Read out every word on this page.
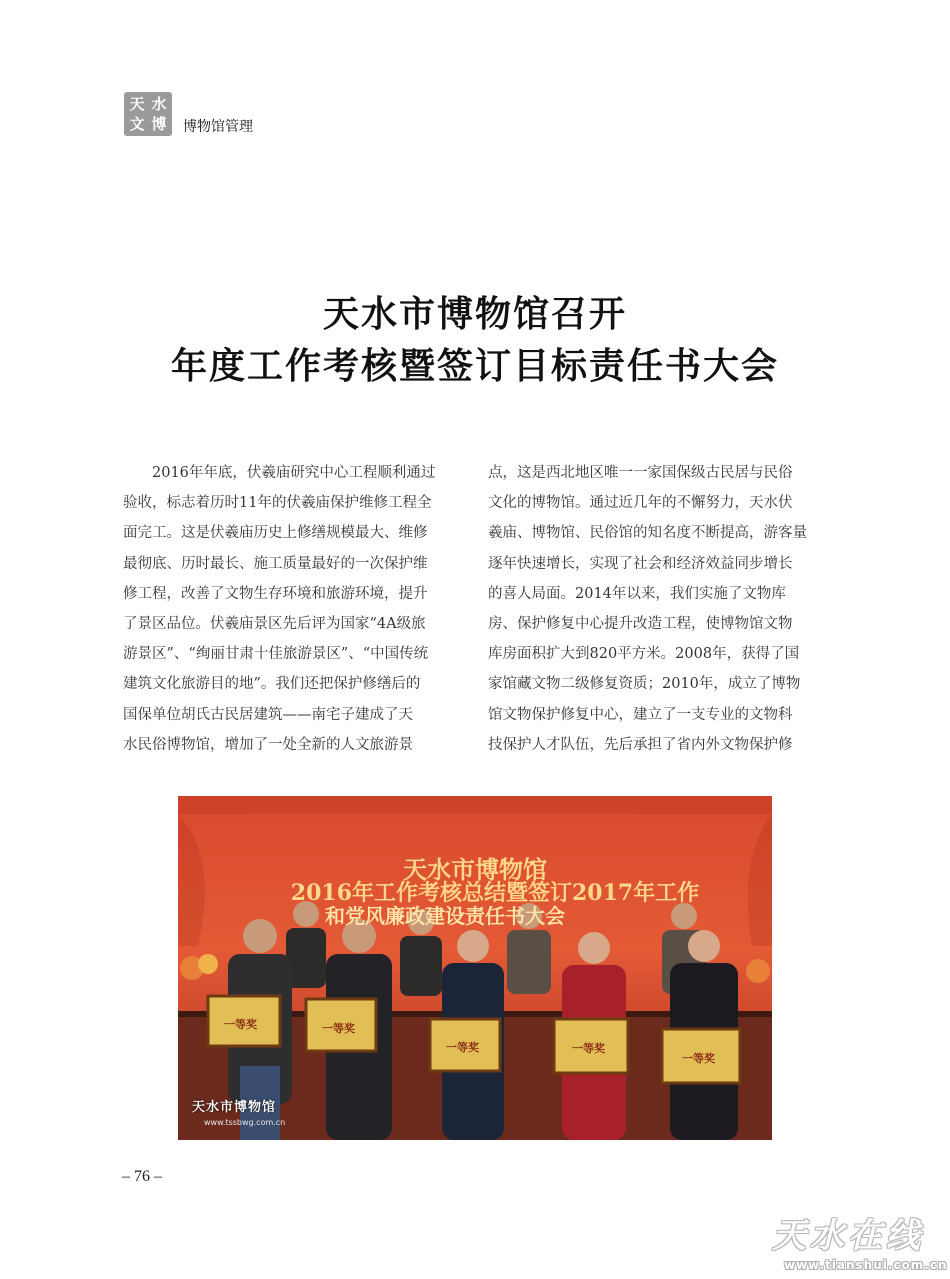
天 水
文 博 博物馆管理
天水市博物馆召开
年度工作考核暨签订目标责任书大会
　　2016年年底，伏羲庙研究中心工程顺利通过
验收，标志着历时11年的伏羲庙保护维修工程全
面完工。这是伏羲庙历史上修缮规模最大、维修
最彻底、历时最长、施工质量最好的一次保护维
修工程，改善了文物生存环境和旅游环境，提升
了景区品位。伏羲庙景区先后评为国家“4A级旅
游景区”、“绚丽甘肃十佳旅游景区”、“中国传统
建筑文化旅游目的地”。我们还把保护修缮后的
国保单位胡氏古民居建筑——南宅子建成了天
水民俗博物馆，增加了一处全新的人文旅游景
点，这是西北地区唯一一家国保级古民居与民俗
文化的博物馆。通过近几年的不懈努力，天水伏
羲庙、博物馆、民俗馆的知名度不断提高，游客量
逐年快速增长，实现了社会和经济效益同步增长
的喜人局面。2014年以来，我们实施了文物库
房、保护修复中心提升改造工程，使博物馆文物
库房面积扩大到820平方米。2008年，获得了国
家馆藏文物二级修复资质；2010年，成立了博物
馆文物保护修复中心，建立了一支专业的文物科
技保护人才队伍，先后承担了省内外文物保护修
天水市博物馆
2016年工作考核总结暨签订2017年工作
和党风廉政建设责任书大会
一等奖	一等奖
一等奖	一等奖
一等奖
天水市博物馆
www.tssbwg.com.cn
– 76 –
天水在线
www.tianshui.com.cn
